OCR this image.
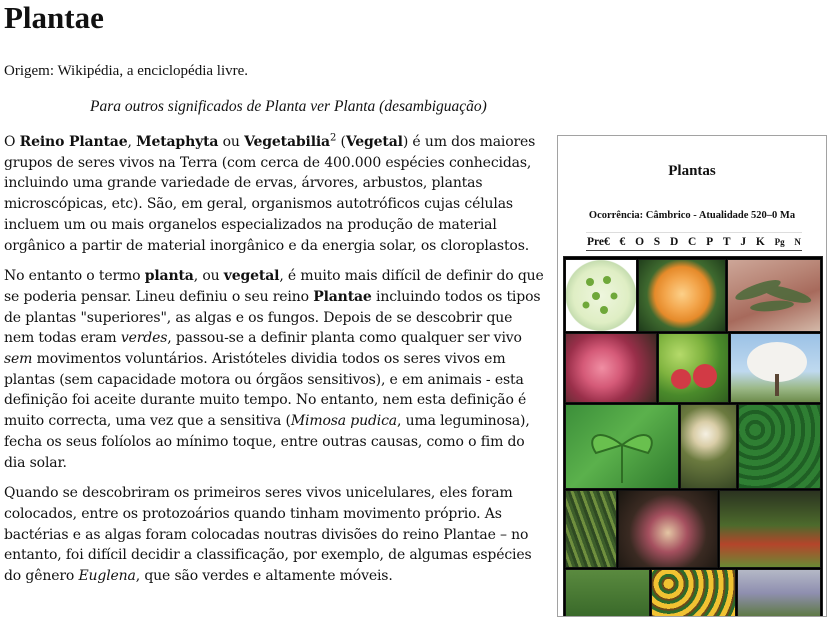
Plantae
Origem: Wikipédia, a enciclopédia livre.
Para outros significados de Planta ver Planta (desambiguação)

O Reino Plantae, Metaphyta ou Vegetabilia$^2$ (Vegetal) é um dos maiores grupos de seres vivos na Terra (com cerca de 400.000 espécies conhecidas, incluindo uma grande variedade de ervas, árvores, arbustos, plantas microscópicas, etc). São, em geral, organismos autotróficos cujas células incluem um ou mais organelos especializados na produção de material orgânico a partir de material inorgânico e da energia solar, os cloroplastos.

No entanto o termo planta, ou vegetal, é muito mais difícil de definir do que se poderia pensar. Lineu definiu o seu reino Plantae incluindo todos os tipos de plantas "superiores", as algas e os fungos. Depois de se descobrir que nem todas eram verdes, passou-se a definir planta como qualquer ser vivo sem movimentos voluntários. Aristóteles dividia todos os seres vivos em plantas (sem capacidade motora ou órgãos sensitivos), e em animais - esta definição foi aceite durante muito tempo. No entanto, nem esta definição é muito correcta, uma vez que a sensitiva (Mimosa pudica, uma leguminosa), fecha os seus folíolos ao mínimo toque, entre outras causas, como o fim do dia solar.

Quando se descobriram os primeiros seres vivos unicelulares, eles foram colocados, entre os protozoários quando tinham movimento próprio. As bactérias e as algas foram colocadas noutras divisões do reino Plantae – no entanto, foi difícil decidir a classificação, por exemplo, de algumas espécies do gênero Euglena, que são verdes e altamente móveis.

Plantas
Ocorrência: Câmbrico - Atualidade 520–0 Ma
Pre€ € O S D C P T J K Pg N
